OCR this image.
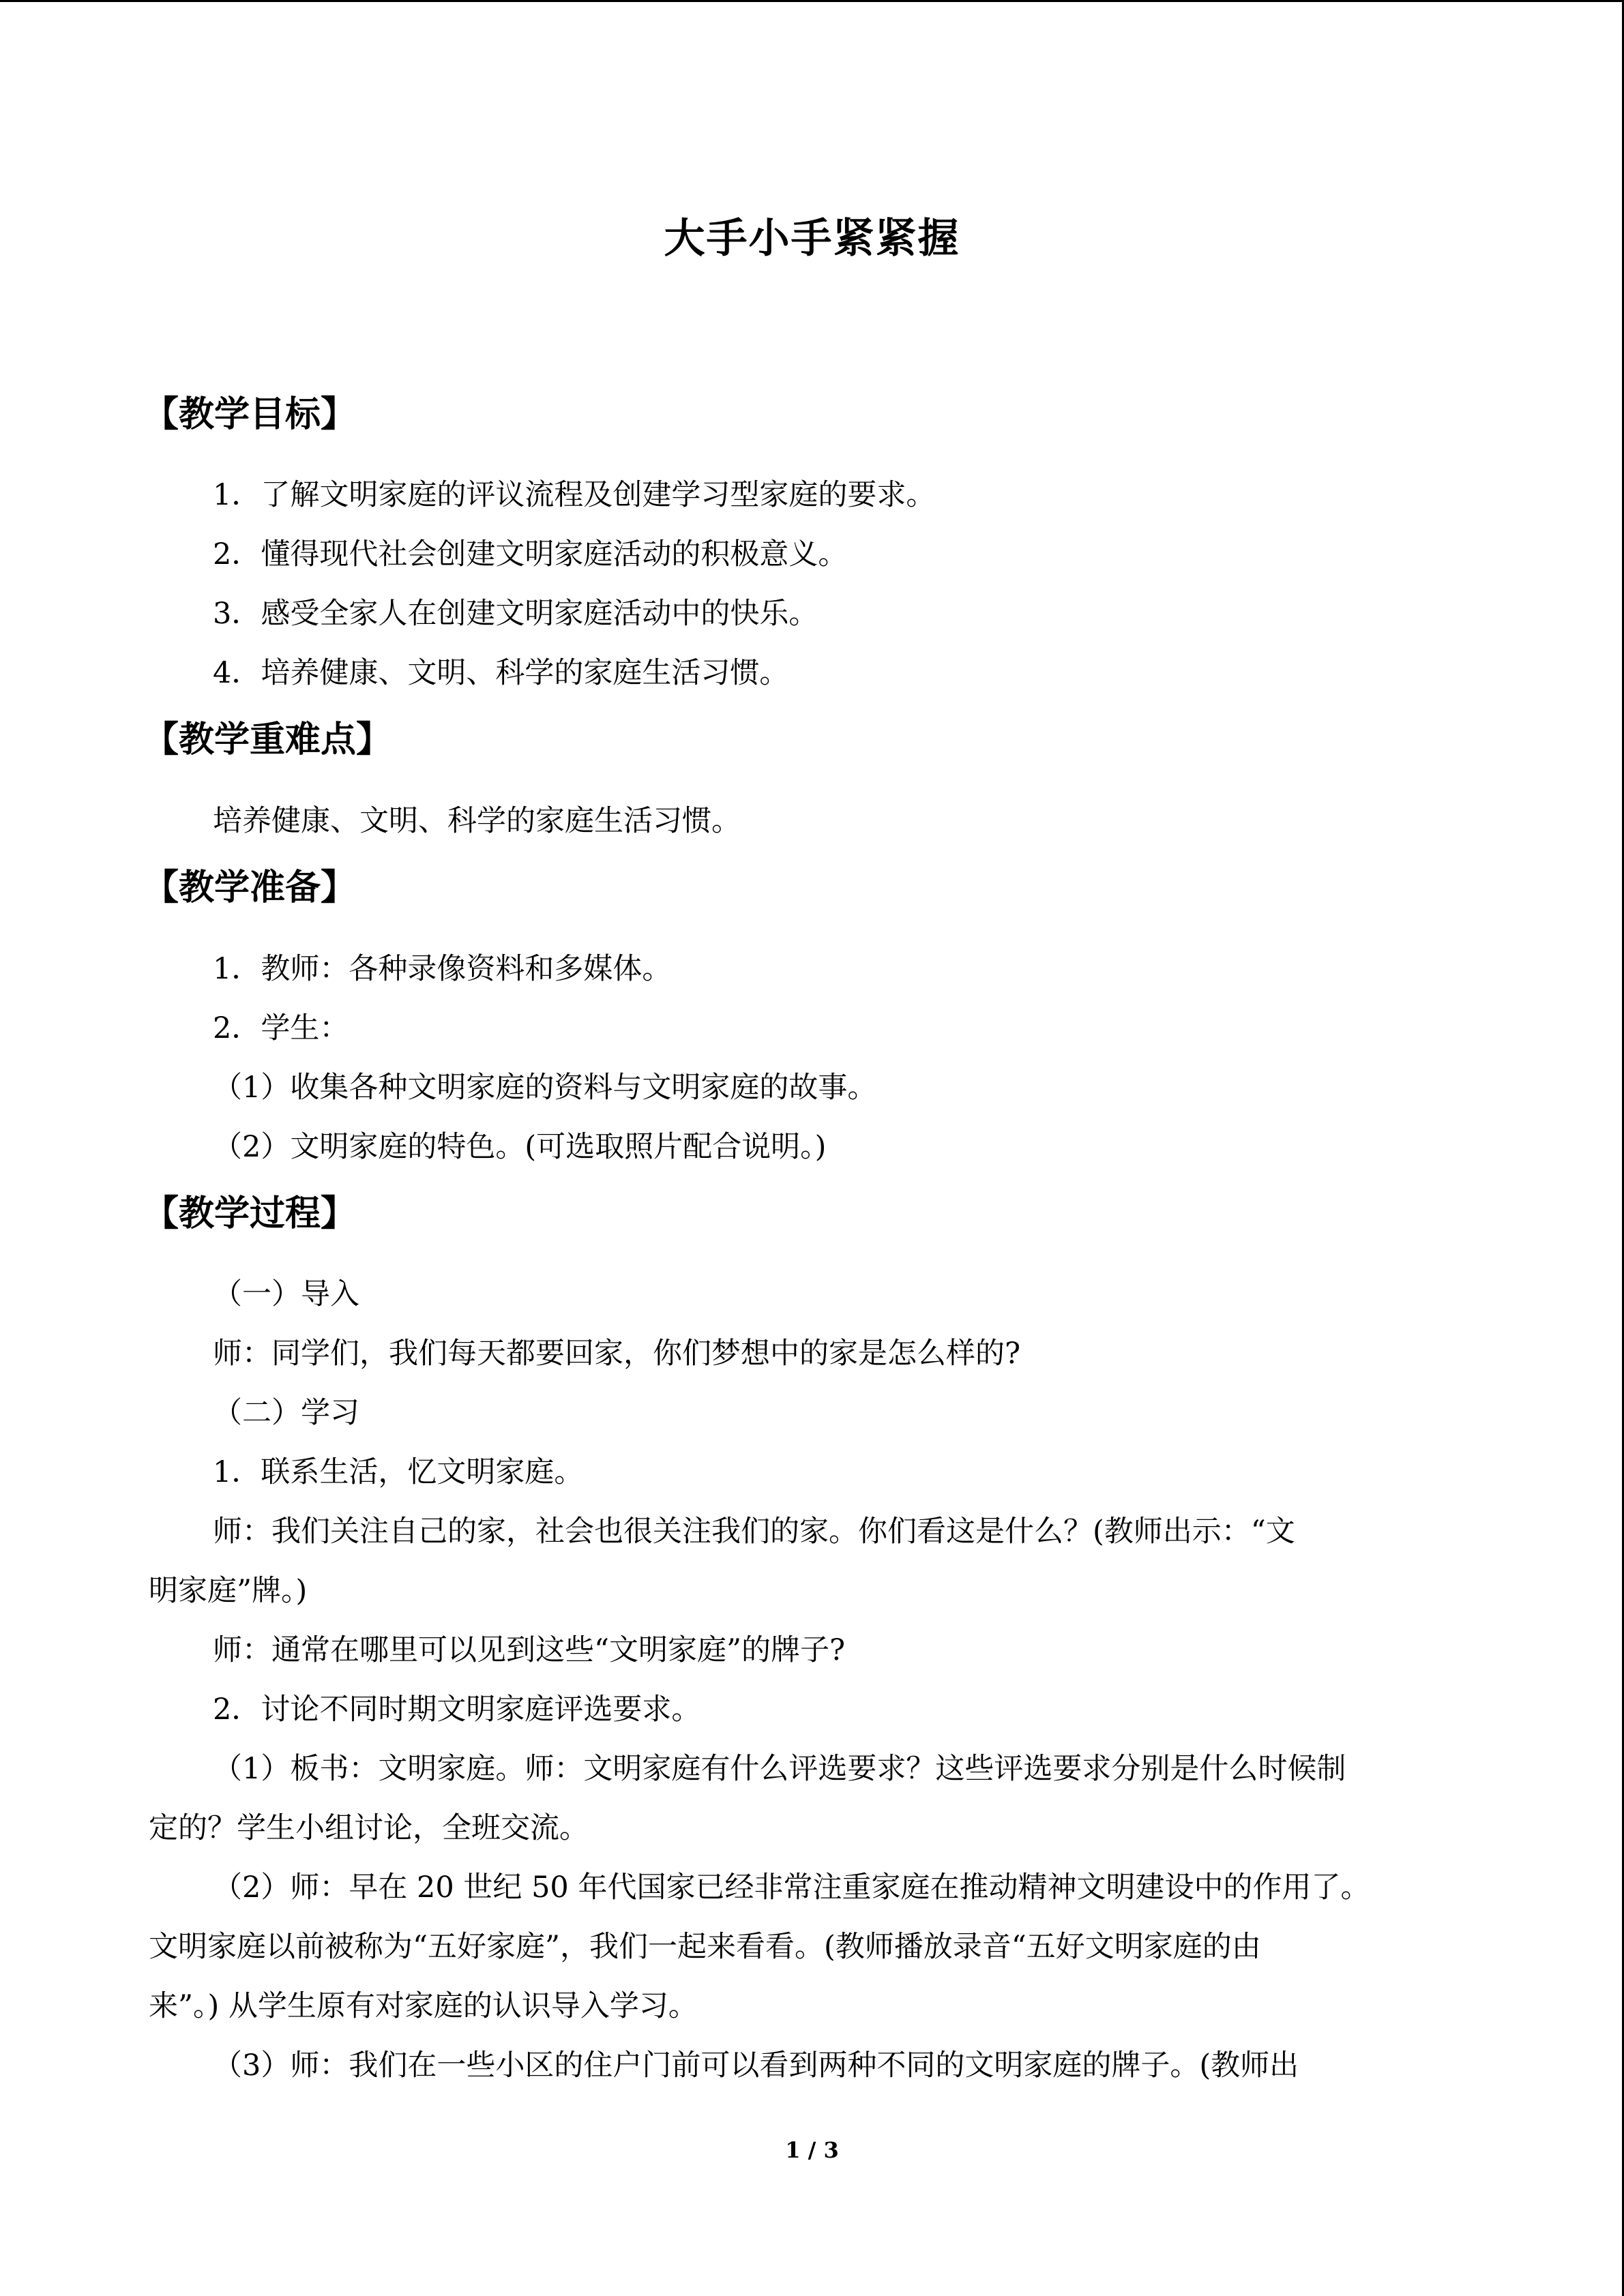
大手小手紧紧握
【教学目标】
1．了解文明家庭的评议流程及创建学习型家庭的要求。
2．懂得现代社会创建文明家庭活动的积极意义。
3．感受全家人在创建文明家庭活动中的快乐。
4．培养健康、文明、科学的家庭生活习惯。
【教学重难点】
培养健康、文明、科学的家庭生活习惯。
【教学准备】
1．教师：各种录像资料和多媒体。
2．学生：
（1）收集各种文明家庭的资料与文明家庭的故事。
（2）文明家庭的特色。(可选取照片配合说明。)
【教学过程】
（一）导入
师：同学们，我们每天都要回家，你们梦想中的家是怎么样的?
（二）学习
1．联系生活，忆文明家庭。
师：我们关注自己的家，社会也很关注我们的家。你们看这是什么？(教师出示：“文
明家庭”牌。)
师：通常在哪里可以见到这些“文明家庭”的牌子?
2．讨论不同时期文明家庭评选要求。
（1）板书：文明家庭。师：文明家庭有什么评选要求？这些评选要求分别是什么时候制
定的？学生小组讨论，全班交流。
（2）师：早在 20 世纪 50 年代国家已经非常注重家庭在推动精神文明建设中的作用了。
文明家庭以前被称为“五好家庭”，我们一起来看看。(教师播放录音“五好文明家庭的由
来”。) 从学生原有对家庭的认识导入学习。
（3）师：我们在一些小区的住户门前可以看到两种不同的文明家庭的牌子。(教师出
1 / 3
